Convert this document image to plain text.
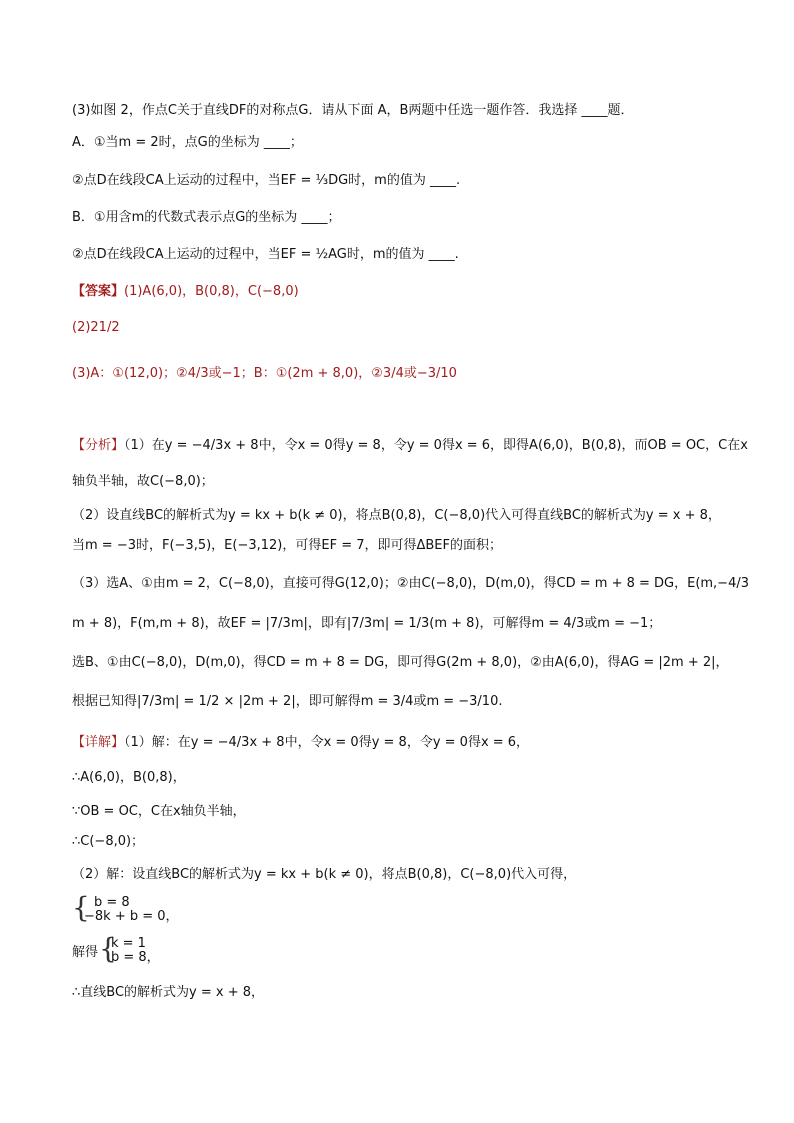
(3)如图 2，作点C关于直线DF的对称点G．请从下面 A，B两题中任选一题作答．我选择 ____题．
A．①当m = 2时，点G的坐标为 ____；
②点D在线段CA上运动的过程中，当EF = ⅓DG时，m的值为 ____.
B．①用含m的代数式表示点G的坐标为 ____；
②点D在线段CA上运动的过程中，当EF = ½AG时，m的值为 ____.
【答案】(1)A(6,0)，B(0,8)，C(−8,0)
(2)21/2
(3)A：①(12,0)；②4/3或−1；B：①(2m + 8,0)，②3/4或−3/10
【分析】（1）在y = −4/3x + 8中，令x = 0得y = 8，令y = 0得x = 6，即得A(6,0)，B(0,8)，而OB = OC，C在x
轴负半轴，故C(−8,0)；
（2）设直线BC的解析式为y = kx + b(k ≠ 0)，将点B(0,8)，C(−8,0)代入可得直线BC的解析式为y = x + 8，
当m = −3时，F(−3,5)，E(−3,12)，可得EF = 7，即可得ΔBEF的面积；
（3）选A、①由m = 2，C(−8,0)，直接可得G(12,0)；②由C(−8,0)，D(m,0)，得CD = m + 8 = DG，E(m,−4/3
m + 8)，F(m,m + 8)，故EF = |7/3m|，即有|7/3m| = 1/3(m + 8)，可解得m = 4/3或m = −1；
选B、①由C(−8,0)，D(m,0)，得CD = m + 8 = DG，即可得G(2m + 8,0)，②由A(6,0)，得AG = |2m + 2|，
根据已知得|7/3m| = 1/2 × |2m + 2|，即可解得m = 3/4或m = −3/10.
【详解】（1）解：在y = −4/3x + 8中，令x = 0得y = 8，令y = 0得x = 6，
∴A(6,0)，B(0,8)，
∵OB = OC，C在x轴负半轴，
∴C(−8,0)；
（2）解：设直线BC的解析式为y = kx + b(k ≠ 0)，将点B(0,8)，C(−8,0)代入可得，
{ b = 8
−8k + b = 0，
解得 {
k = 1
b = 8，
∴直线BC的解析式为y = x + 8，
